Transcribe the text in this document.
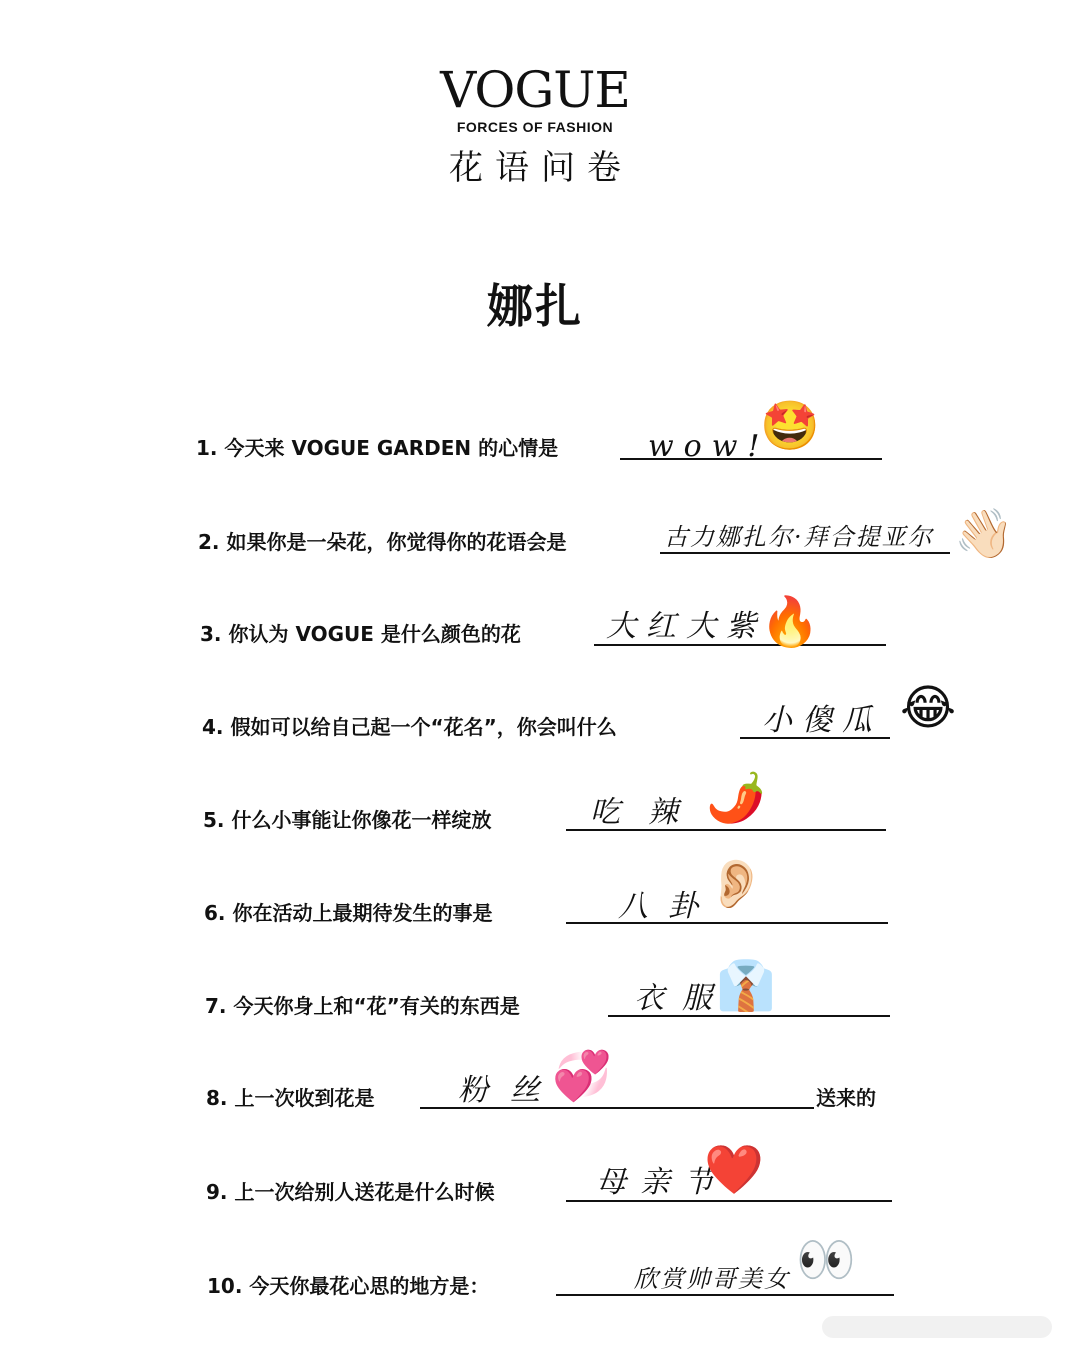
VOGUE
FORCES OF FASHION
花语问卷
娜扎
1. 今天来 VOGUE GARDEN 的心情是	wow!
🤩
2. 如果你是一朵花，你觉得你的花语会是	古力娜扎尔·拜合提亚尔 👋🏻
3. 你认为 VOGUE 是什么颜色的花	大红大紫
🔥
4. 假如可以给自己起一个“花名”，你会叫什么	小傻瓜 😂
5. 什么小事能让你像花一样绽放	吃辣 🌶️
6. 你在活动上最期待发生的事是	八卦
👂🏻
7. 今天你身上和“花”有关的东西是	衣服
👔
8. 上一次收到花是	粉丝
💞	送来的
9. 上一次给别人送花是什么时候	母亲节
❤️
10. 今天你最花心思的地方是：	欣赏帅哥美女 👀
